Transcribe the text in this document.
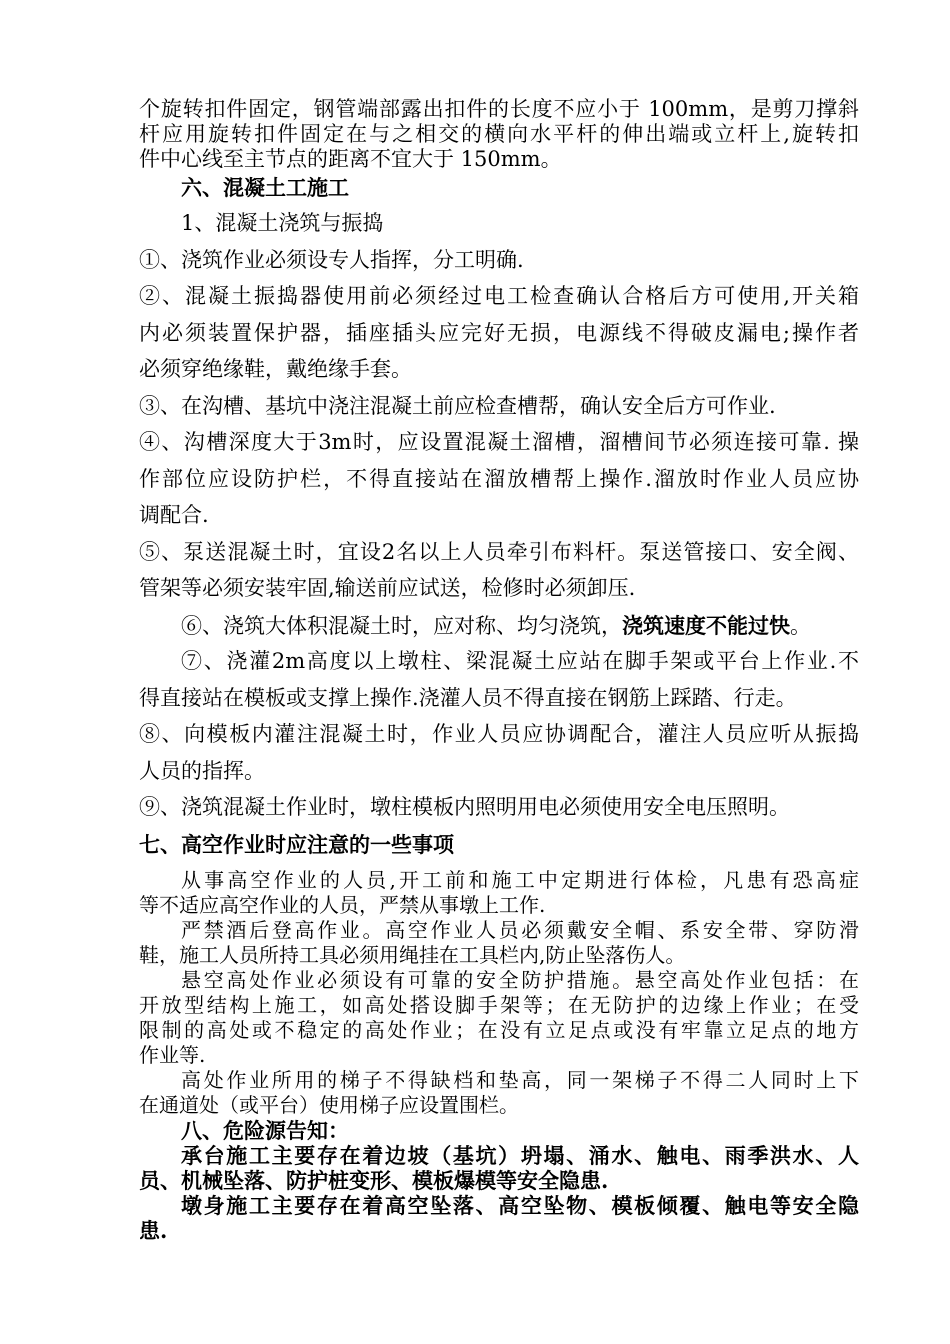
个旋转扣件固定，钢管端部露出扣件的长度不应小于 100mm，是剪刀撑斜

杆应用旋转扣件固定在与之相交的横向水平杆的伸出端或立杆上,旋转扣

件中心线至主节点的距离不宜大于 150mm。

六、混凝土工施工

1、混凝土浇筑与振捣

①、浇筑作业必须设专人指挥，分工明确.

②、混凝土振捣器使用前必须经过电工检查确认合格后方可使用,开关箱

内必须装置保护器，插座插头应完好无损，电源线不得破皮漏电;操作者

必须穿绝缘鞋，戴绝缘手套。

③、在沟槽、基坑中浇注混凝土前应检查槽帮，确认安全后方可作业.

④、沟槽深度大于3m时，应设置混凝土溜槽，溜槽间节必须连接可靠. 操

作部位应设防护栏，不得直接站在溜放槽帮上操作.溜放时作业人员应协

调配合.

⑤、泵送混凝土时，宜设2名以上人员牵引布料杆。泵送管接口、安全阀、

管架等必须安装牢固,输送前应试送，检修时必须卸压.

⑥、浇筑大体积混凝土时，应对称、均匀浇筑，浇筑速度不能过快。

⑦、浇灌2m高度以上墩柱、梁混凝土应站在脚手架或平台上作业.不

得直接站在模板或支撑上操作.浇灌人员不得直接在钢筋上踩踏、行走。

⑧、向模板内灌注混凝土时，作业人员应协调配合，灌注人员应听从振捣

人员的指挥。

⑨、浇筑混凝土作业时，墩柱模板内照明用电必须使用安全电压照明。

七、高空作业时应注意的一些事项

从事高空作业的人员,开工前和施工中定期进行体检，凡患有恐高症

等不适应高空作业的人员，严禁从事墩上工作.

严禁酒后登高作业。高空作业人员必须戴安全帽、系安全带、穿防滑

鞋，施工人员所持工具必须用绳挂在工具栏内,防止坠落伤人。

悬空高处作业必须设有可靠的安全防护措施。悬空高处作业包括：在

开放型结构上施工，如高处搭设脚手架等；在无防护的边缘上作业；在受

限制的高处或不稳定的高处作业；在没有立足点或没有牢靠立足点的地方

作业等.

高处作业所用的梯子不得缺档和垫高，同一架梯子不得二人同时上下

在通道处（或平台）使用梯子应设置围栏。

八、危险源告知：

承台施工主要存在着边坡（基坑）坍塌、涌水、触电、雨季洪水、人

员、机械坠落、防护桩变形、模板爆模等安全隐患.

墩身施工主要存在着高空坠落、高空坠物、模板倾覆、触电等安全隐

患.
